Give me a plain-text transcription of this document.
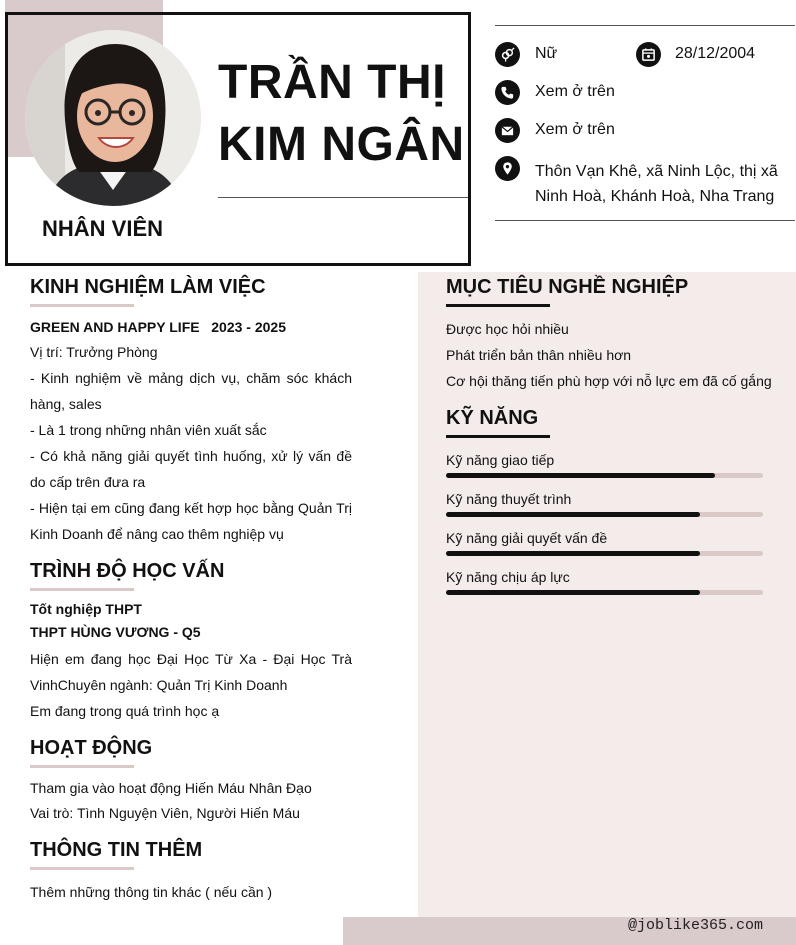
TRẦN THỊ
KIM NGÂN
NHÂN VIÊN
Nữ	28/12/2004
Xem ở trên
Xem ở trên
Thôn Vạn Khê, xã Ninh Lộc, thị xã
Ninh Hoà, Khánh Hoà, Nha Trang
KINH NGHIỆM LÀM VIỆC
GREEN AND HAPPY LIFE 2023 - 2025
Vị trí: Trưởng Phòng
- Kinh nghiệm về mảng dịch vụ, chăm sóc khách hàng, sales
- Là 1 trong những nhân viên xuất sắc
- Có khả năng giải quyết tình huống, xử lý vấn đề do cấp trên đưa ra
- Hiện tại em cũng đang kết hợp học bằng Quản Trị Kinh Doanh để nâng cao thêm nghiệp vụ
TRÌNH ĐỘ HỌC VẤN
Tốt nghiệp THPT
THPT HÙNG VƯƠNG - Q5
Hiện em đang học Đại Học Từ Xa - Đại Học Trà VinhChuyên ngành: Quản Trị Kinh Doanh
Em đang trong quá trình học ạ
HOẠT ĐỘNG
Tham gia vào hoạt động Hiến Máu Nhân Đạo
Vai trò: Tình Nguyện Viên, Người Hiến Máu
THÔNG TIN THÊM
Thêm những thông tin khác ( nếu cần )
MỤC TIÊU NGHỀ NGHIỆP
Được học hỏi nhiều
Phát triển bản thân nhiều hơn
Cơ hội thăng tiến phù hợp với nỗ lực em đã cố gắng
KỸ NĂNG
Kỹ năng giao tiếp
Kỹ năng thuyết trình
Kỹ năng giải quyết vấn đề
Kỹ năng chịu áp lực
@joblike365.com
